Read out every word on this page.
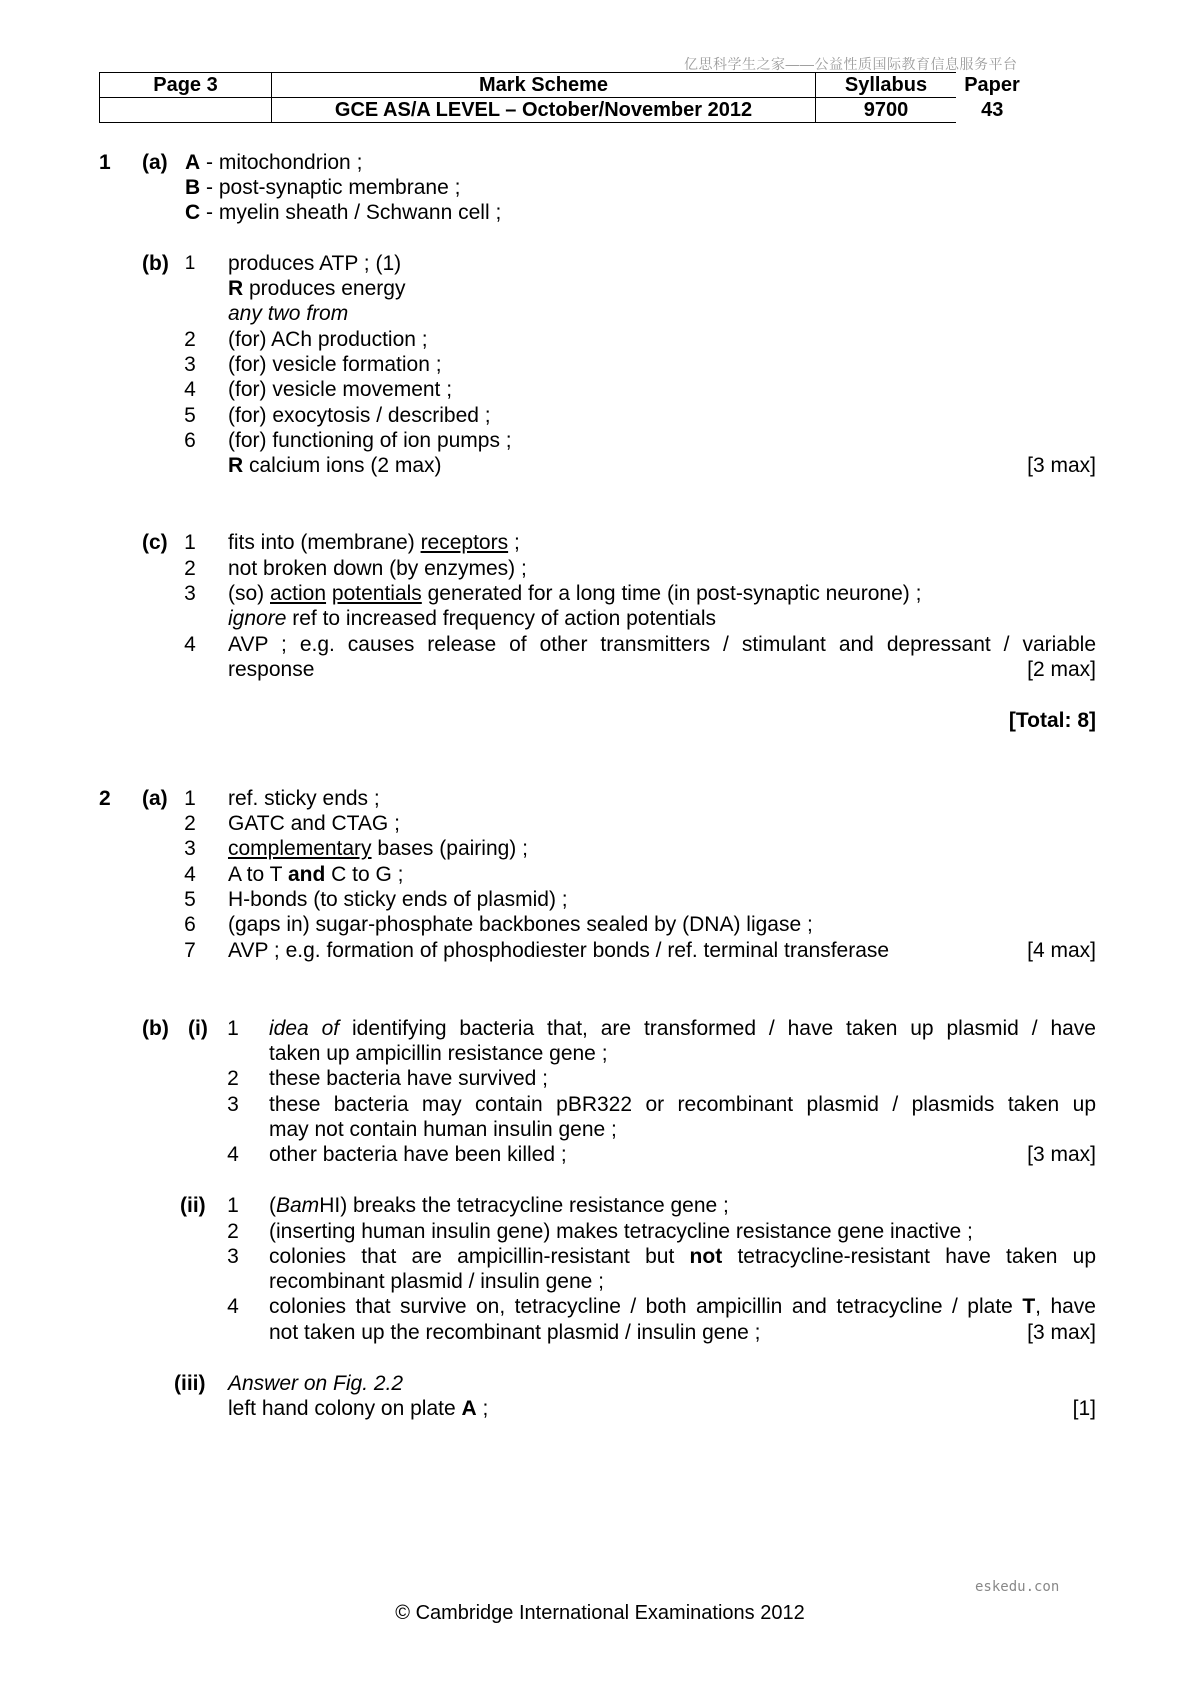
亿思科学生之家——公益性质国际教育信息服务平台
Page 3	Mark Scheme	Syllabus	Paper
	GCE AS/A LEVEL – October/November 2012	9700	43
1 (a) A - mitochondrion ;
B - post-synaptic membrane ;
C - myelin sheath / Schwann cell ;
(b) 1 produces ATP ; (1)
R produces energy
any two from
2 (for) ACh production ;
3 (for) vesicle formation ;
4 (for) vesicle movement ;
5 (for) exocytosis / described ;
6 (for) functioning of ion pumps ;
R calcium ions (2 max)	[3 max]
(c) 1 fits into (membrane) receptors ;
2 not broken down (by enzymes) ;
3 (so) action potentials generated for a long time (in post-synaptic neurone) ;
ignore ref to increased frequency of action potentials
4 AVP ; e.g. causes release of other transmitters / stimulant and depressant / variable
response	[2 max]
[Total: 8]
2 (a) 1 ref. sticky ends ;
2 GATC and CTAG ;
3 complementary bases (pairing) ;
4 A to T and C to G ;
5 H-bonds (to sticky ends of plasmid) ;
6 (gaps in) sugar-phosphate backbones sealed by (DNA) ligase ;
7 AVP ; e.g. formation of phosphodiester bonds / ref. terminal transferase	[4 max]
(b) (i) 1 idea of identifying bacteria that, are transformed / have taken up plasmid / have
taken up ampicillin resistance gene ;
2 these bacteria have survived ;
3 these bacteria may contain pBR322 or recombinant plasmid / plasmids taken up
may not contain human insulin gene ;
4 other bacteria have been killed ;	[3 max]
(ii) 1 (BamHI) breaks the tetracycline resistance gene ;
2 (inserting human insulin gene) makes tetracycline resistance gene inactive ;
3 colonies that are ampicillin-resistant but not tetracycline-resistant have taken up
recombinant plasmid / insulin gene ;
4 colonies that survive on, tetracycline / both ampicillin and tetracycline / plate T, have
not taken up the recombinant plasmid / insulin gene ;	[3 max]
(iii) Answer on Fig. 2.2
left hand colony on plate A ;	[1]
eskedu.con
© Cambridge International Examinations 2012
